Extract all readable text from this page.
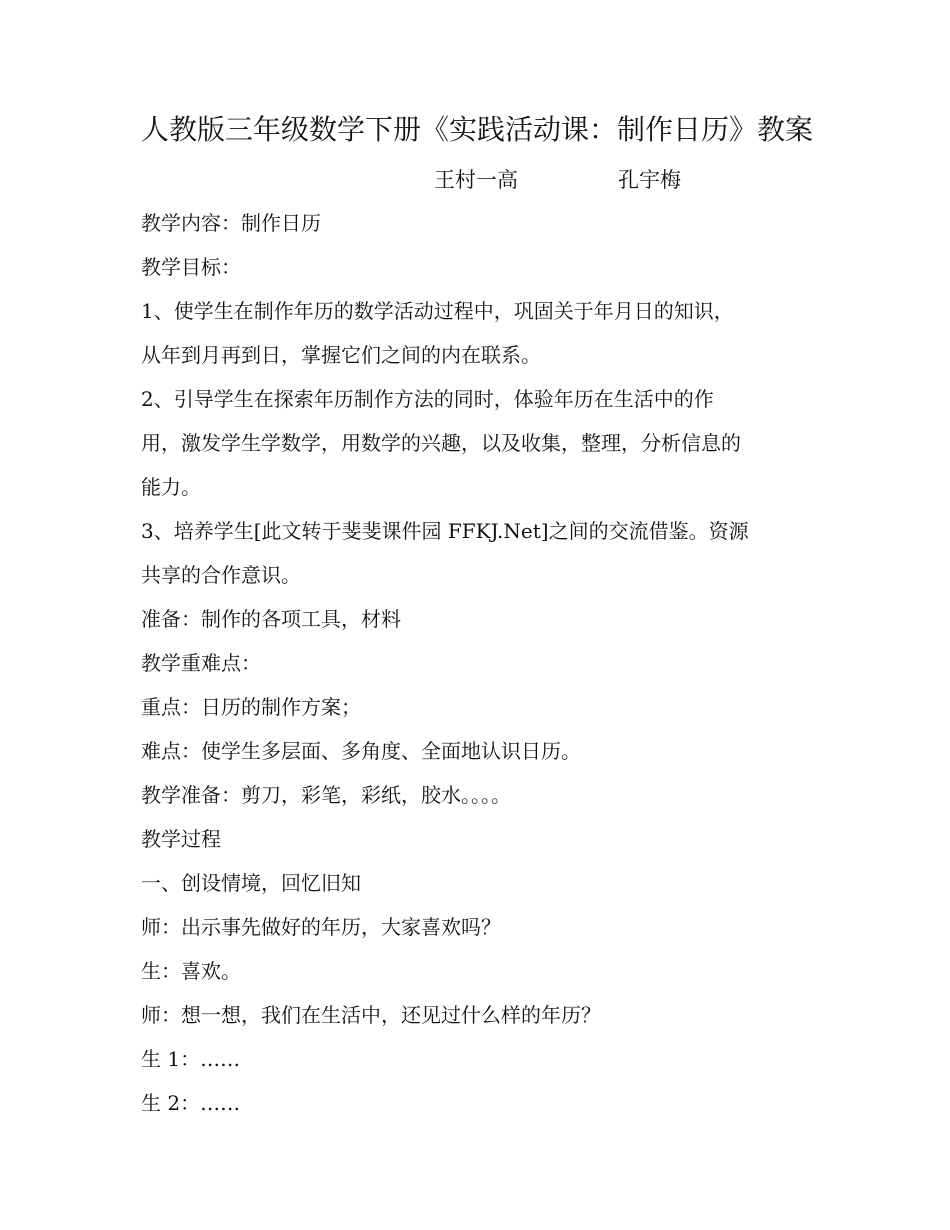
人教版三年级数学下册《实践活动课：制作日历》教案
王村一高	孔宇梅
教学内容：制作日历
教学目标：
1、使学生在制作年历的数学活动过程中，巩固关于年月日的知识，
从年到月再到日，掌握它们之间的内在联系。
2、引导学生在探索年历制作方法的同时，体验年历在生活中的作
用，激发学生学数学，用数学的兴趣，以及收集，整理，分析信息的
能力。
3、培养学生[此文转于斐斐课件园 FFKJ.Net]之间的交流借鉴。资源
共享的合作意识。
准备：制作的各项工具，材料
教学重难点：
重点：日历的制作方案；
难点：使学生多层面、多角度、全面地认识日历。
教学准备：剪刀，彩笔，彩纸，胶水。。。。
教学过程
一、创设情境，回忆旧知
师：出示事先做好的年历，大家喜欢吗？
生：喜欢。
师：想一想，我们在生活中，还见过什么样的年历？
生 1：……
生 2：……
